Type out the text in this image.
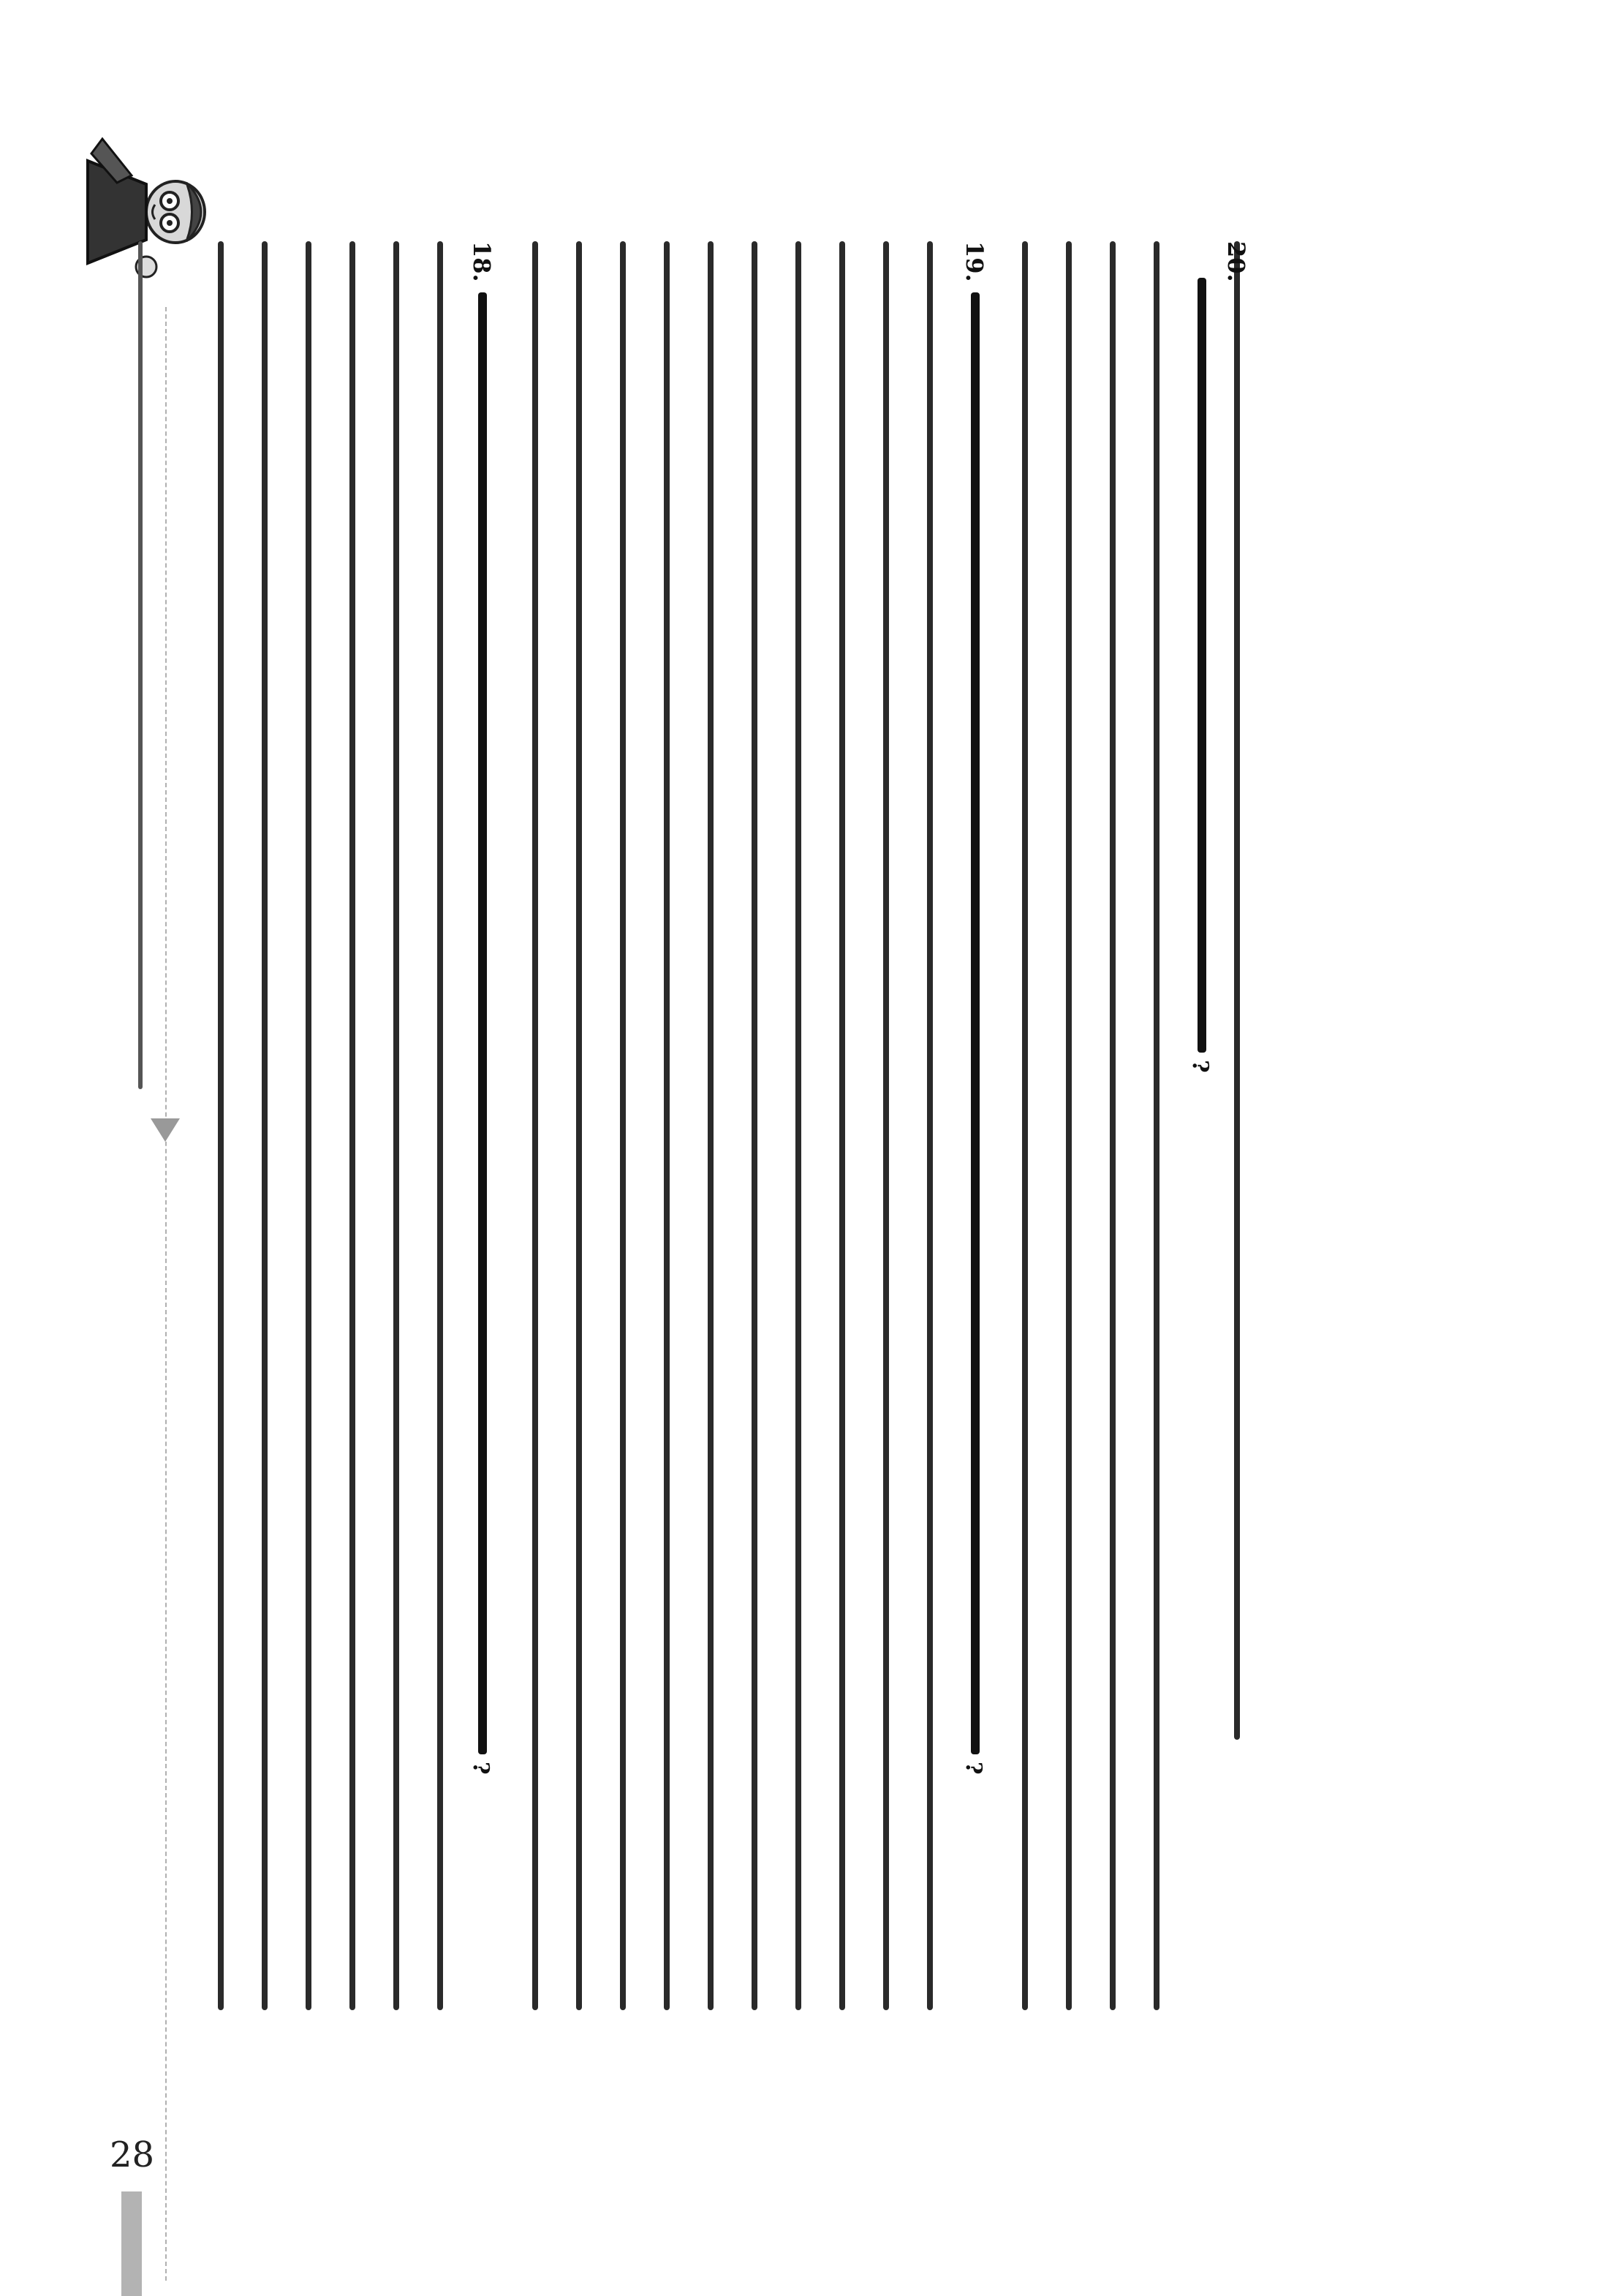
20.
?
19.
?
18.
?
28
